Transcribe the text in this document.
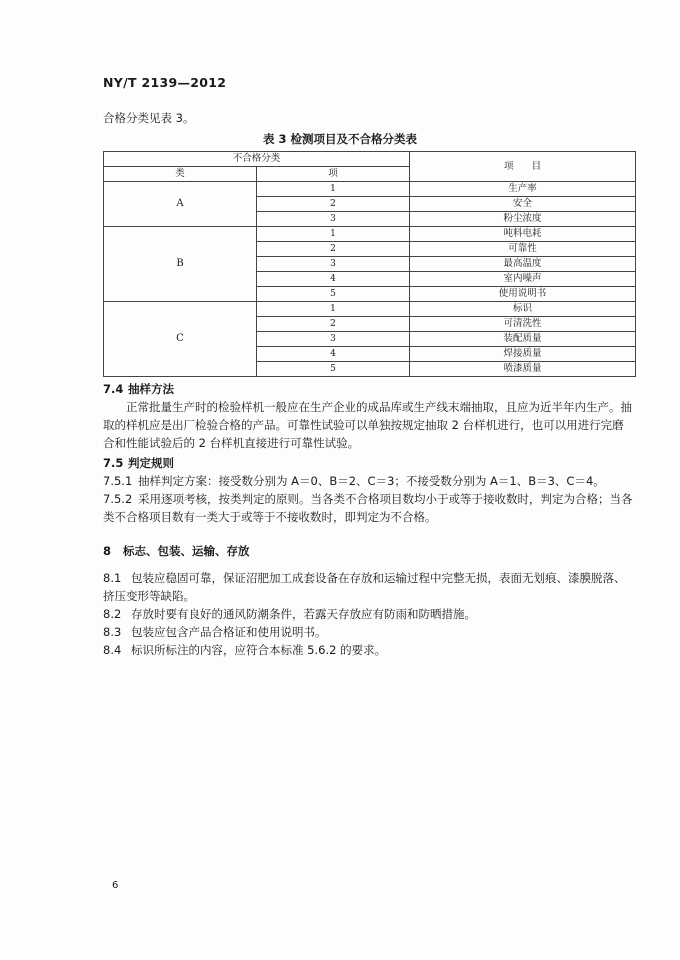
NY/T 2139—2012
合格分类见表 3。
表 3 检测项目及不合格分类表
不合格分类		项      目
类	项	
A	1	生产率
	2	安全
	3	粉尘浓度
B	1	吨料电耗
	2	可靠性
	3	最高温度
	4	室内噪声
	5	使用说明书
C	1	标识
	2	可清洗性
	3	装配质量
	4	焊接质量
	5	喷漆质量

7.4 抽样方法

正常批量生产时的检验样机一般应在生产企业的成品库或生产线末端抽取，且应为近半年内生产。抽取的样机应是出厂检验合格的产品。可靠性试验可以单独按规定抽取 2 台样机进行，也可以用进行完磨合和性能试验后的 2 台样机直接进行可靠性试验。

7.5 判定规则

7.5.1 抽样判定方案：接受数分别为 A＝0、B＝2、C＝3；不接受数分别为 A＝1、B＝3、C＝4。

7.5.2 采用逐项考核，按类判定的原则。当各类不合格项目数均小于或等于接收数时，判定为合格；当各类不合格项目数有一类大于或等于不接收数时，即判定为不合格。

8 标志、包装、运输、存放

8.1 包装应稳固可靠，保证沼肥加工成套设备在存放和运输过程中完整无损，表面无划痕、漆膜脱落、挤压变形等缺陷。

8.2 存放时要有良好的通风防潮条件，若露天存放应有防雨和防晒措施。

8.3 包装应包含产品合格证和使用说明书。

8.4 标识所标注的内容，应符合本标准 5.6.2 的要求。

6
